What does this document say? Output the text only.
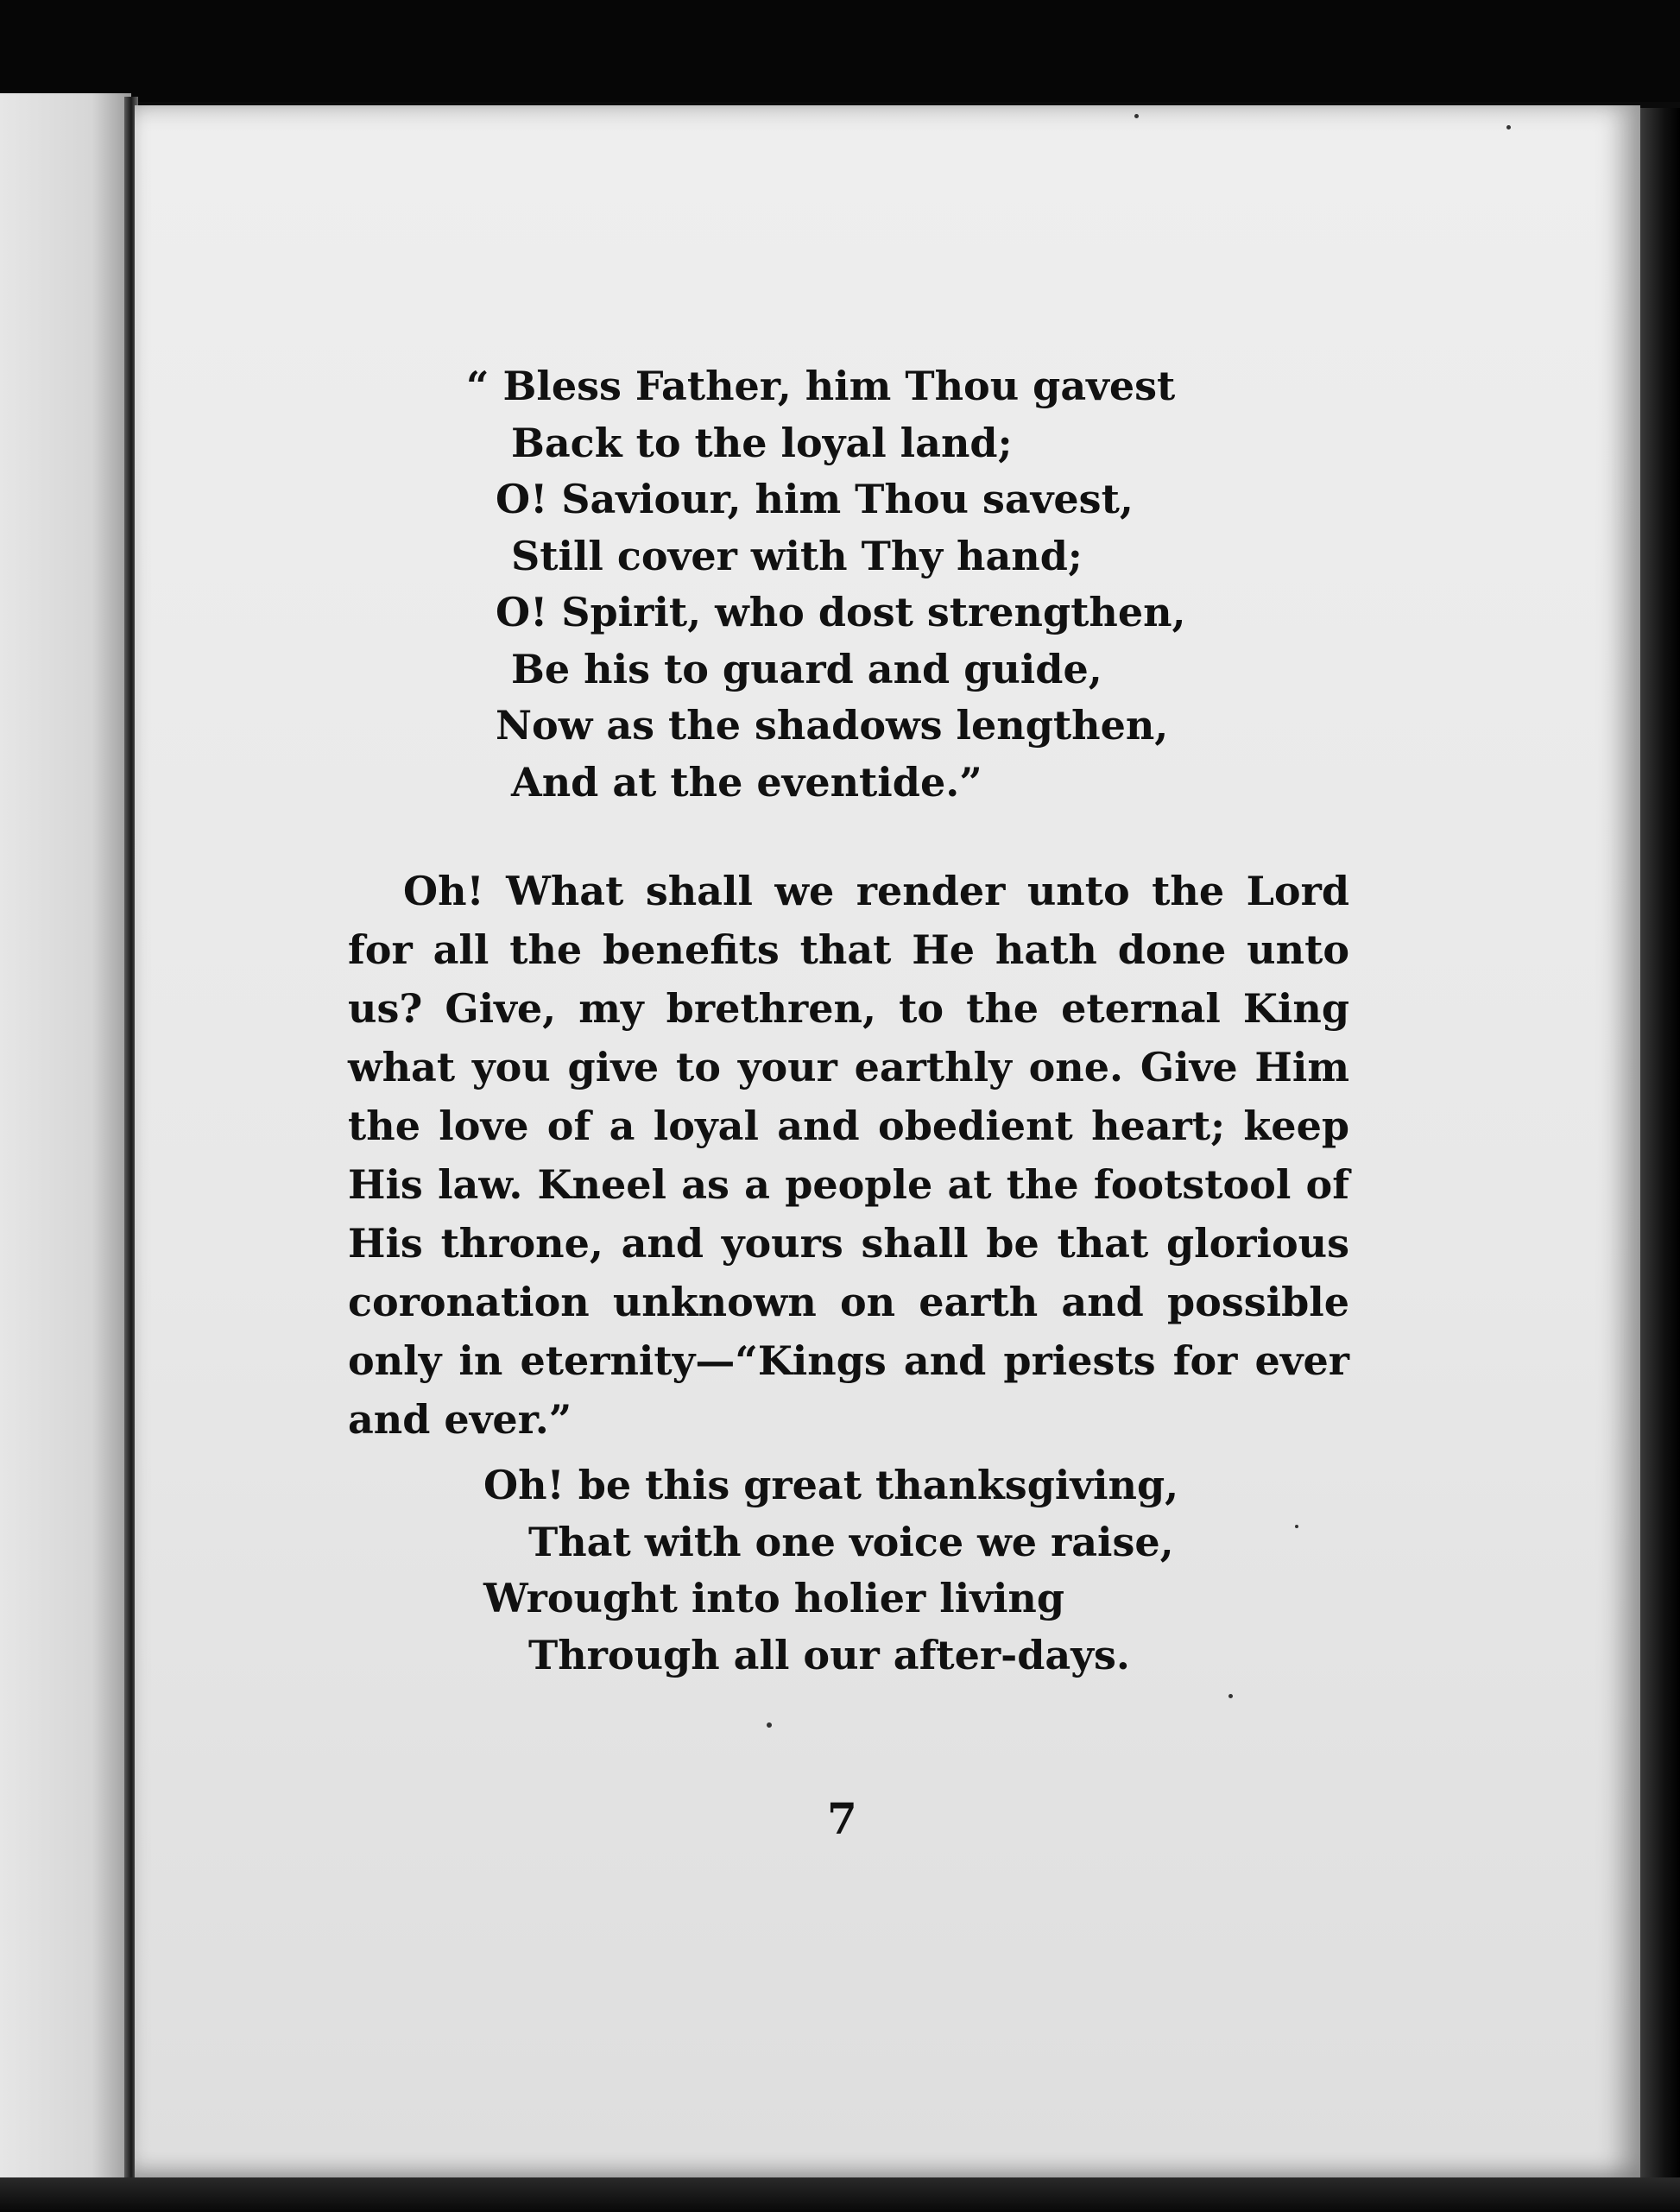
“ Bless Father, him Thou gavest
Back to the loyal land;
O! Saviour, him Thou savest,
Still cover with Thy hand;
O! Spirit, who dost strengthen,
Be his to guard and guide,
Now as the shadows lengthen,
And at the eventide.”

Oh! What shall we render unto the Lord for all the benefits that He hath done unto us? Give, my brethren, to the eternal King what you give to your earthly one. Give Him the love of a loyal and obedient heart; keep His law. Kneel as a people at the footstool of His throne, and yours shall be that glorious coronation unknown on earth and possible only in eternity—“Kings and priests for ever and ever.”

Oh! be this great thanksgiving,
That with one voice we raise,
Wrought into holier living
Through all our after-days.
7
